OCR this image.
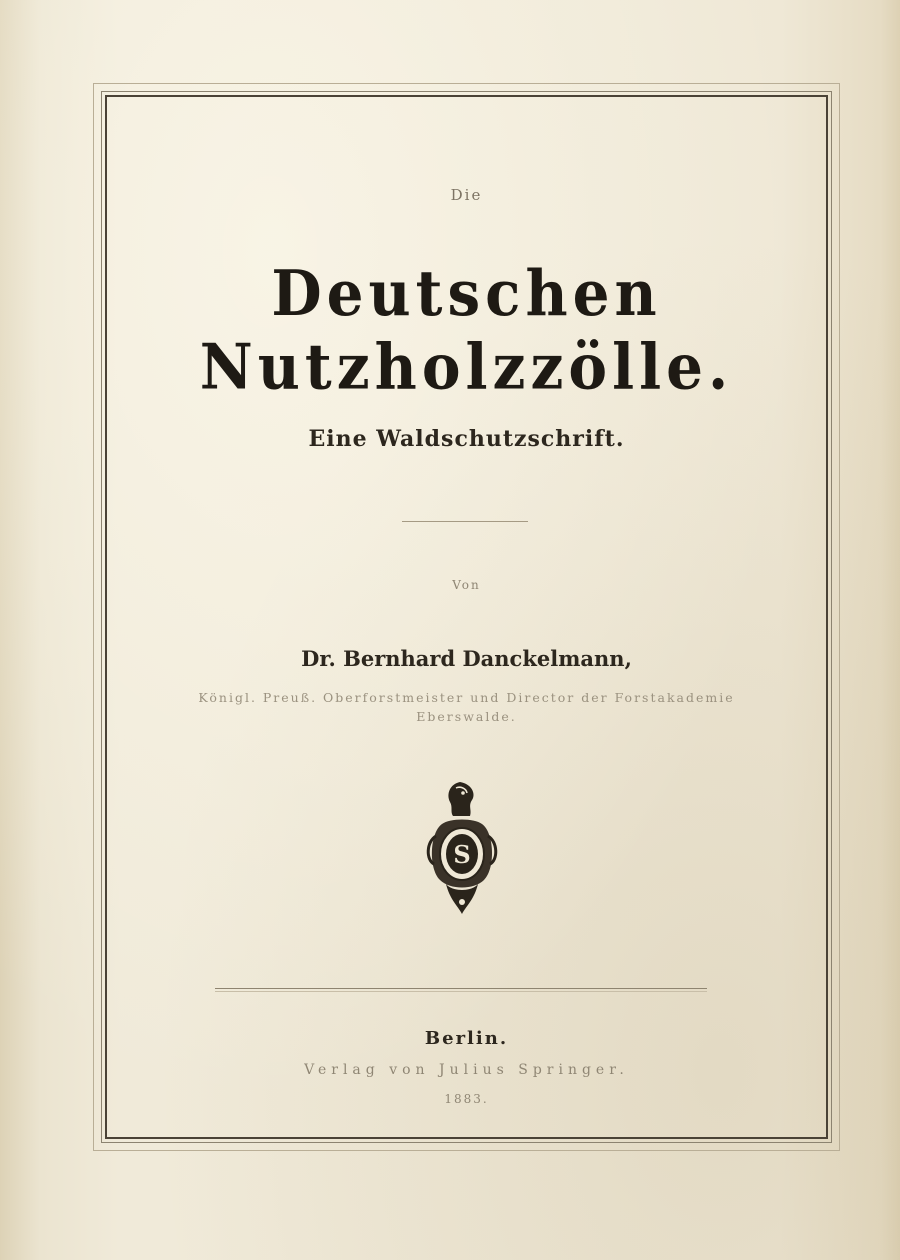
Die
Deutschen Nutzholzzölle.
Eine Waldschutzschrift.
Von
Dr. Bernhard Danckelmann,
Königl. Preuß. Oberforstmeister und Director der Forstakademie
Eberswalde.
S
Berlin.
Verlag von Julius Springer.
1883.
